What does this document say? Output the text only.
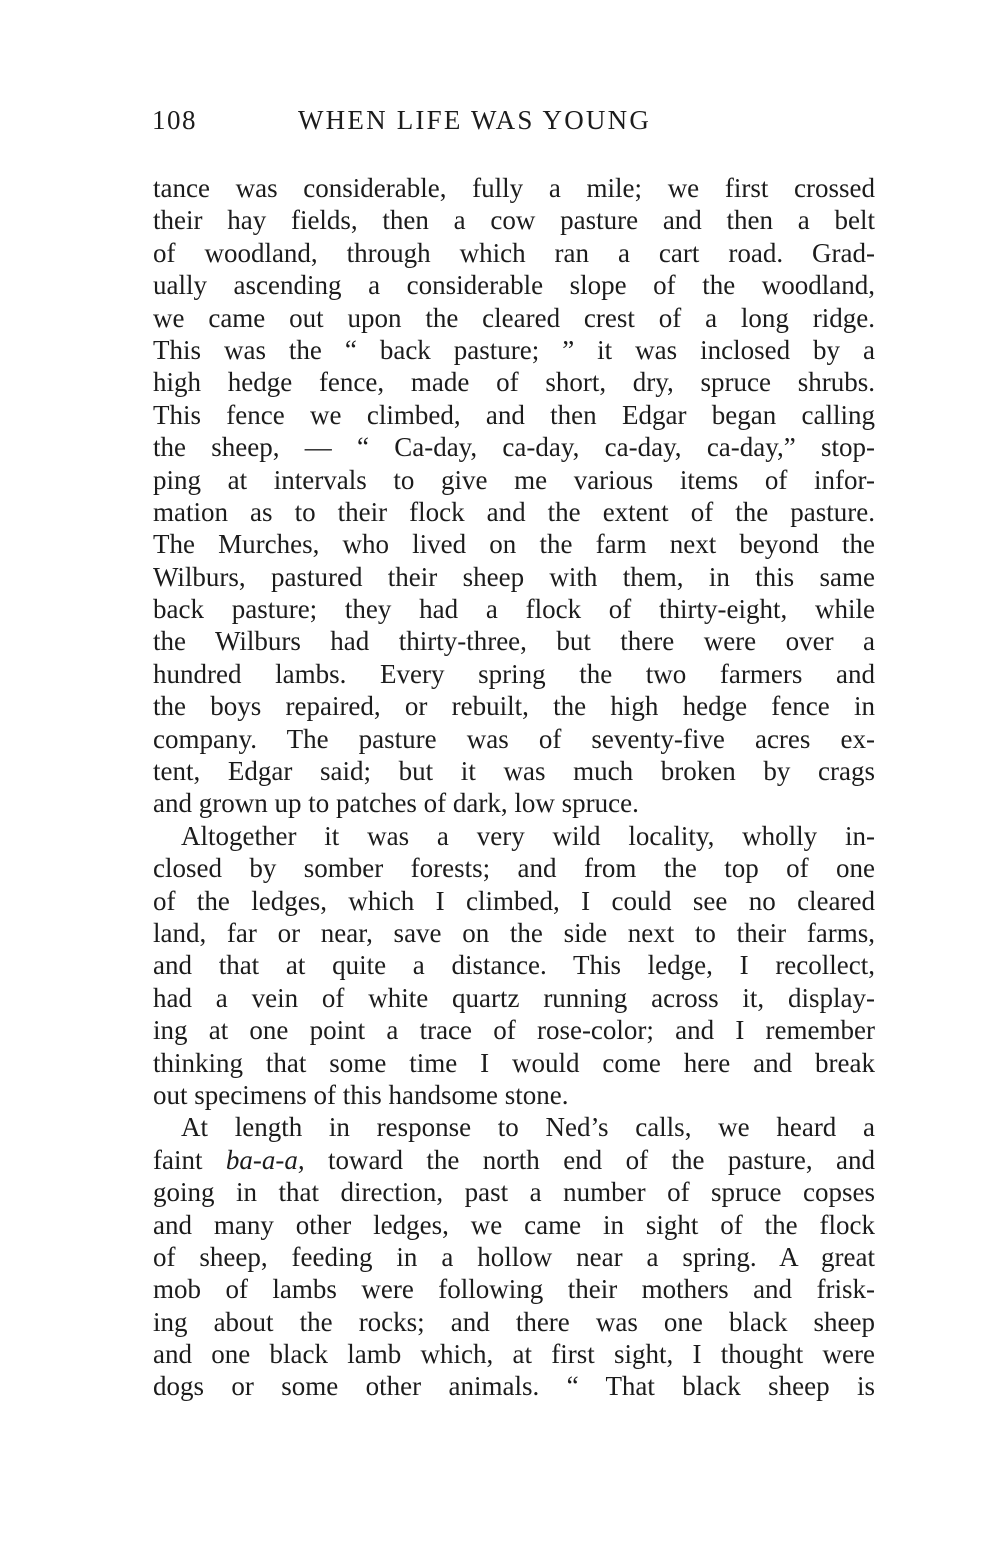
108	WHEN LIFE WAS YOUNG
tance was considerable, fully a mile; we first crossed
their hay fields, then a cow pasture and then a belt
of woodland, through which ran a cart road. Grad-
ually ascending a considerable slope of the woodland,
we came out upon the cleared crest of a long ridge.
This was the “ back pasture; ” it was inclosed by a
high hedge fence, made of short, dry, spruce shrubs.
This fence we climbed, and then Edgar began calling
the sheep, — “ Ca-day, ca-day, ca-day, ca-day,” stop-
ping at intervals to give me various items of infor-
mation as to their flock and the extent of the pasture.
The Murches, who lived on the farm next beyond the
Wilburs, pastured their sheep with them, in this same
back pasture; they had a flock of thirty-eight, while
the Wilburs had thirty-three, but there were over a
hundred lambs. Every spring the two farmers and
the boys repaired, or rebuilt, the high hedge fence in
company. The pasture was of seventy-five acres ex-
tent, Edgar said; but it was much broken by crags
and grown up to patches of dark, low spruce.
Altogether it was a very wild locality, wholly in-
closed by somber forests; and from the top of one
of the ledges, which I climbed, I could see no cleared
land, far or near, save on the side next to their farms,
and that at quite a distance. This ledge, I recollect,
had a vein of white quartz running across it, display-
ing at one point a trace of rose-color; and I remember
thinking that some time I would come here and break
out specimens of this handsome stone.
At length in response to Ned’s calls, we heard a
faint ba-a-a, toward the north end of the pasture, and
going in that direction, past a number of spruce copses
and many other ledges, we came in sight of the flock
of sheep, feeding in a hollow near a spring. A great
mob of lambs were following their mothers and frisk-
ing about the rocks; and there was one black sheep
and one black lamb which, at first sight, I thought were
dogs or some other animals. “ That black sheep is
